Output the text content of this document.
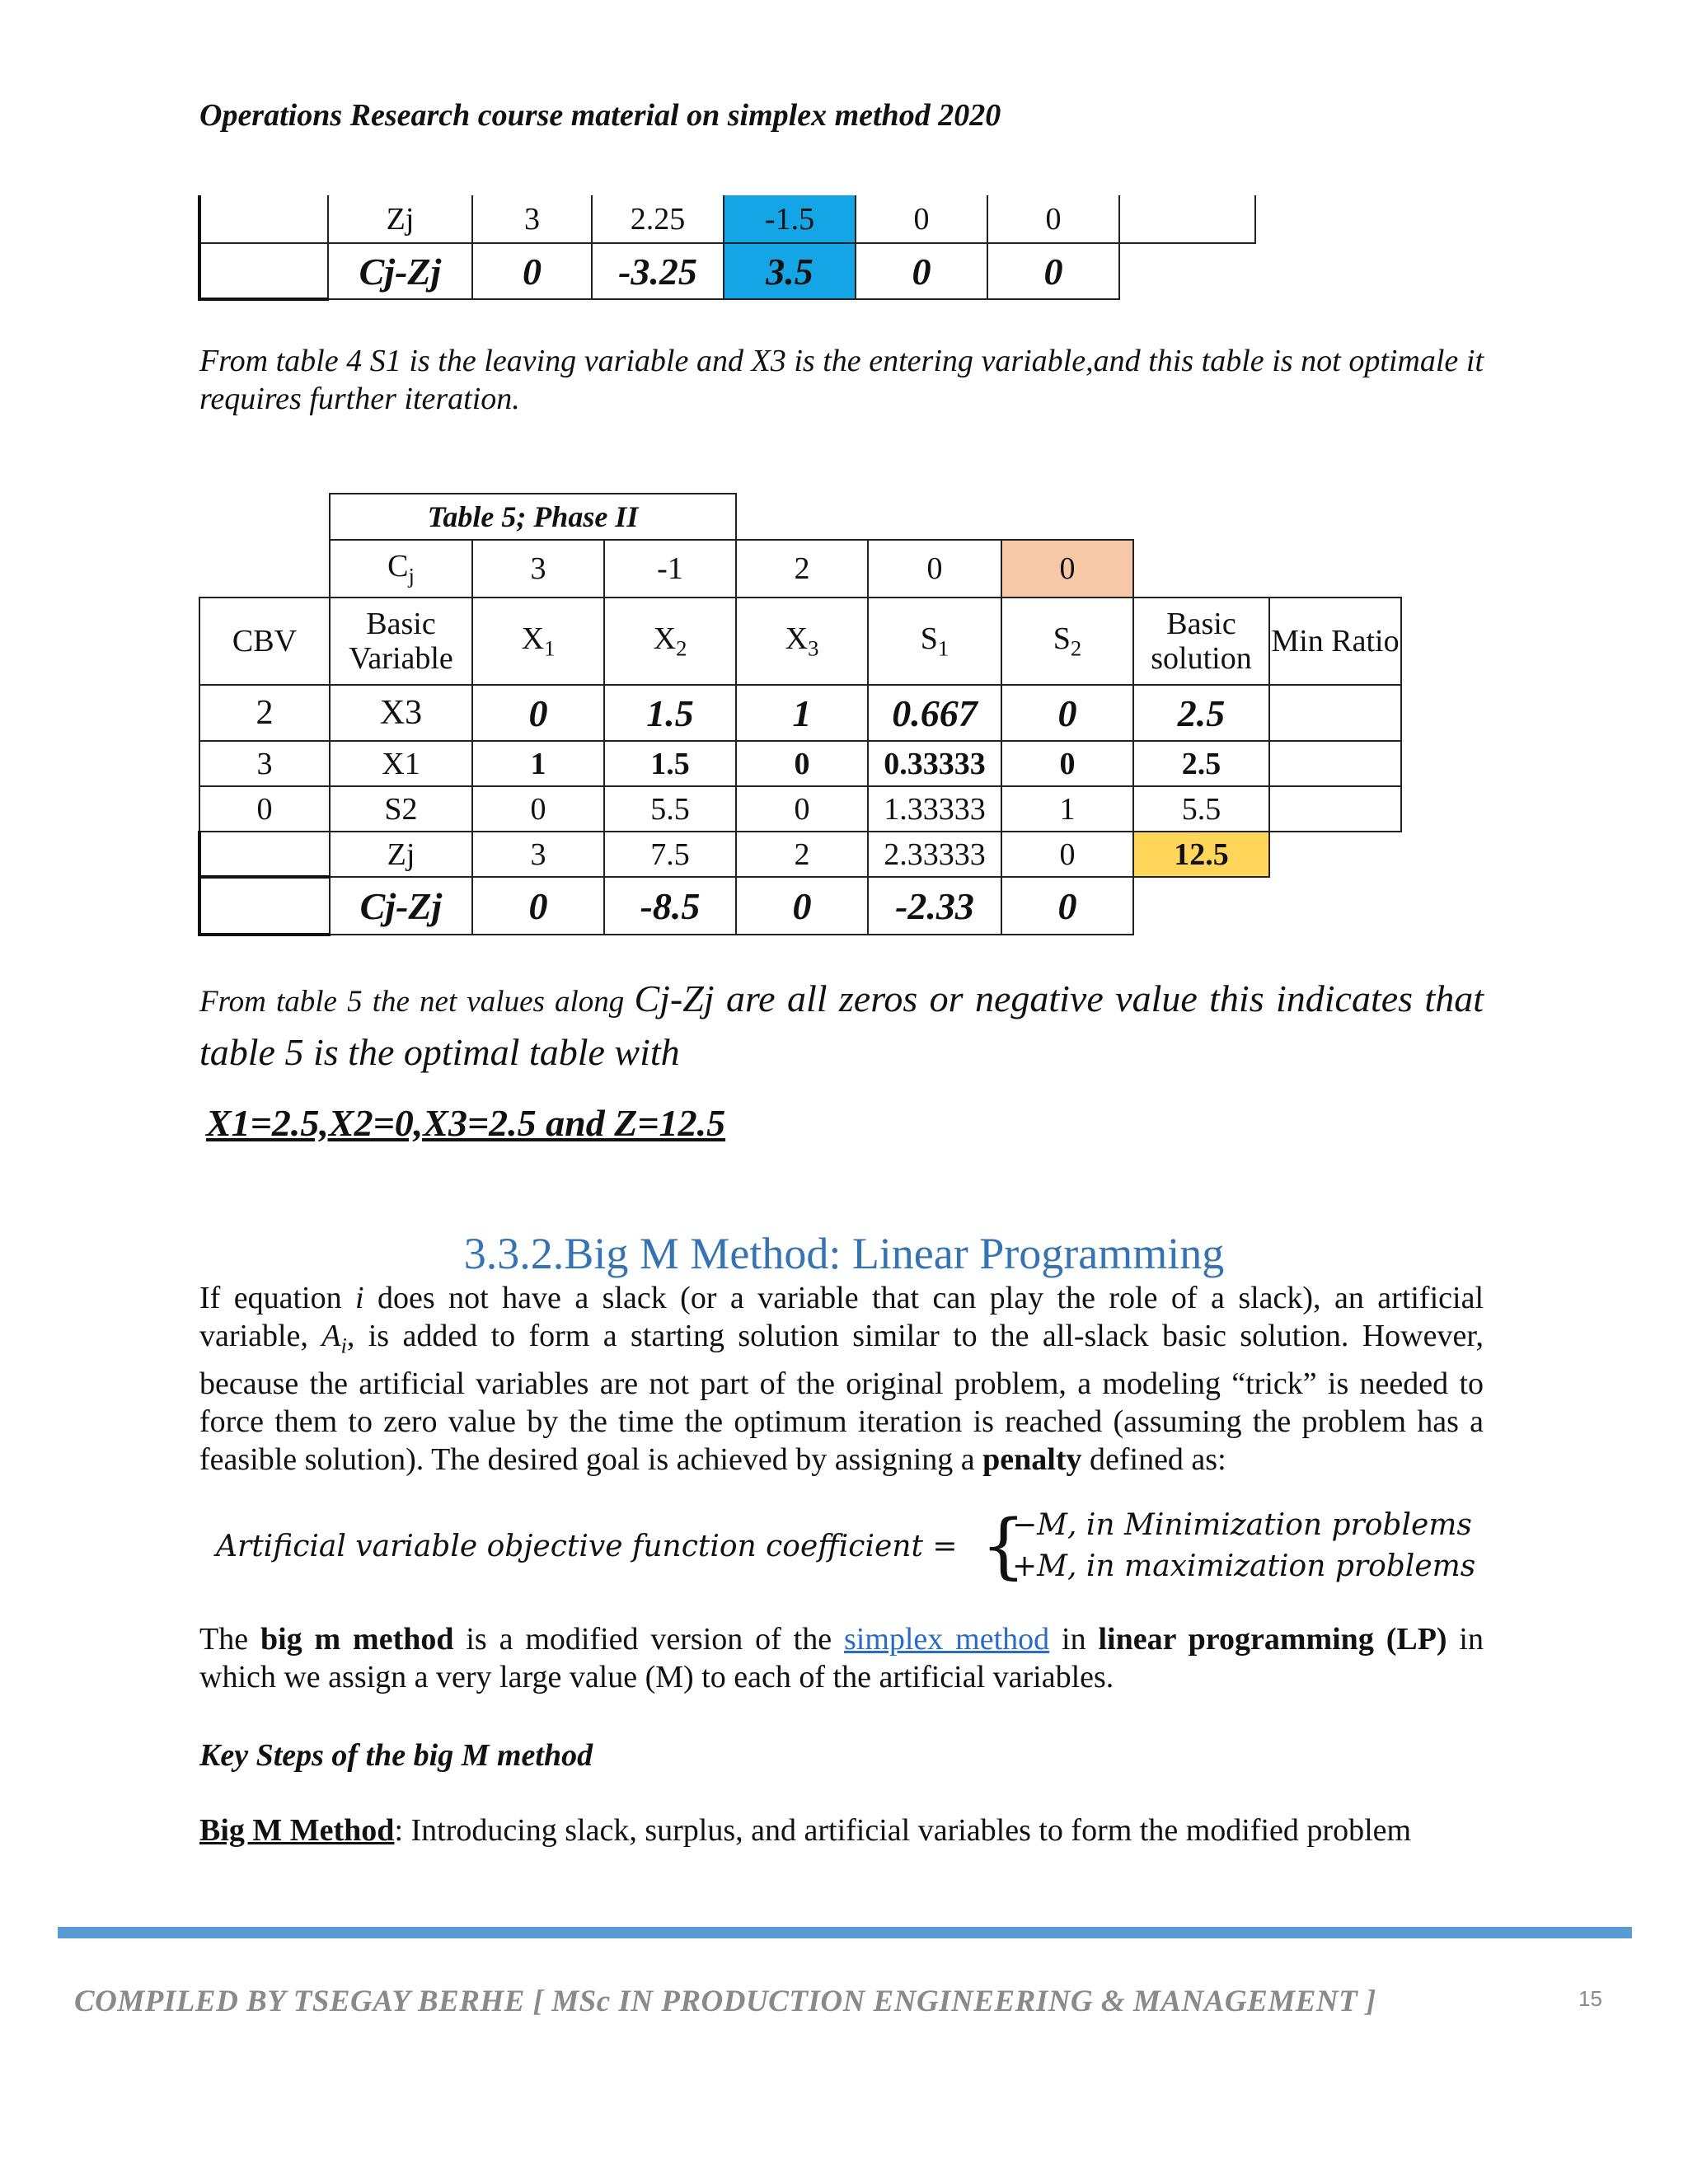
Operations Research course material on simplex method 2020
	Zj	3	2.25	-1.5	0	0	
	Cj-Zj	0	-3.25	3.5	0	0	
From table 4 S1 is the leaving variable and X3 is the entering variable,and this table is not optimale it requires further iteration.
	Table 5; Phase II							
	$C_j$	3	-1	2	0	0		
CBV	Basic Variable	$X_1$	$X_2$	$X_3$	$S_1$	$S_2$	Basic solution	Min Ratio
2	X3	0	1.5	1	0.667	0	2.5	
3	X1	1	1.5	0	0.33333	0	2.5	
0	S2	0	5.5	0	1.33333	1	5.5	
	Zj	3	7.5	2	2.33333	0	12.5	
	Cj-Zj	0	-8.5	0	-2.33	0		
From table 5 the net values along Cj-Zj are all zeros or negative value this indicates that table 5 is the optimal table with
X1=2.5,X2=0,X3=2.5 and Z=12.5
3.3.2.Big M Method: Linear Programming
If equation i does not have a slack (or a variable that can play the role of a slack), an artificial variable, $A_i$, is added to form a starting solution similar to the all-slack basic solution. However, because the artificial variables are not part of the original problem, a modeling “trick” is needed to force them to zero value by the time the optimum iteration is reached (assuming the problem has a feasible solution). The desired goal is achieved by assigning a penalty defined as:
Artificial variable objective function coefficient = {
−M, in Minimization problems
+M, in maximization problems
The big m method is a modified version of the simplex method in linear programming (LP) in which we assign a very large value (M) to each of the artificial variables.
Key Steps of the big M method
Big M Method: Introducing slack, surplus, and artificial variables to form the modified problem
COMPILED BY TSEGAY BERHE [ MSc IN PRODUCTION ENGINEERING & MANAGEMENT ]	15
